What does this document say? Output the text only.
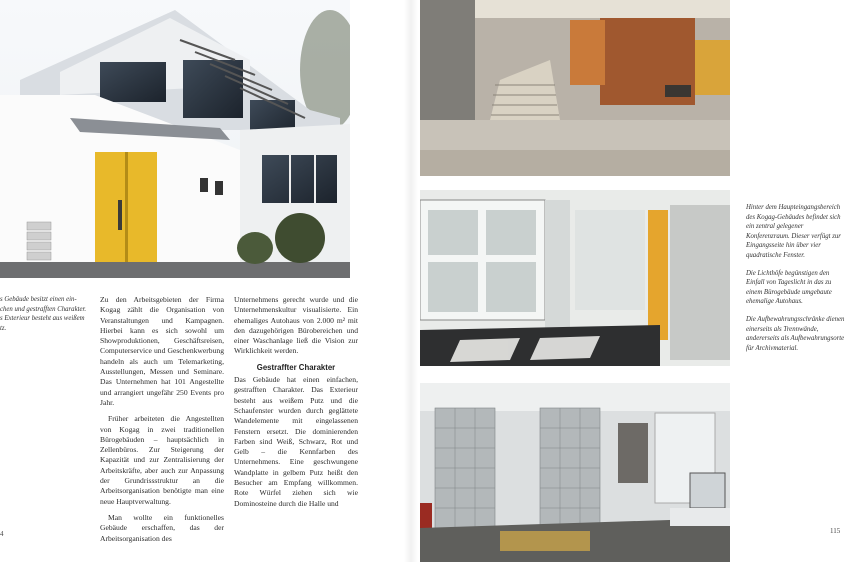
s Gebäude besitzt einen ein- chen und gestrafften Charakter. s Exterieur besteht aus weißem tz.

Zu den Arbeitsgebieten der Firma Kogag zählt die Organisation von Veranstaltungen und Kampagnen. Hierbei kann es sich sowohl um Showproduktionen, Geschäftsreisen, Computerservice und Geschenkwerbung handeln als auch um Telemarketing, Ausstellungen, Messen und Seminare. Das Unternehmen hat 101 Angestellte und arrangiert ungefähr 250 Events pro Jahr.

Früher arbeiteten die Angestellten von Kogag in zwei traditionellen Bürogebäuden – hauptsächlich in Zellenbüros. Zur Steigerung der Kapazität und zur Zentralisierung der Arbeitskräfte, aber auch zur Anpassung der Grundrissstruktur an die Arbeitsorganisation benötigte man eine neue Hauptverwaltung.

Man wollte ein funktionelles Gebäude erschaffen, das der Arbeitsorganisation des

Unternehmens gerecht wurde und die Unternehmenskultur visualisierte. Ein ehemaliges Autohaus von 2.000 m² mit den dazugehörigen Bürobereichen und einer Waschanlage ließ die Vision zur Wirklichkeit werden.

Gestraffter Charakter

Das Gebäude hat einen einfachen, gestrafften Charakter. Das Exterieur besteht aus weißem Putz und die Schaufenster wurden durch geglättete Wandelemente mit eingelassenen Fenstern ersetzt. Die dominierenden Farben sind Weiß, Schwarz, Rot und Gelb – die Kennfarben des Unternehmens. Eine geschwungene Wandplatte in gelbem Putz heißt den Besucher am Empfang willkommen. Rote Würfel ziehen sich wie Dominosteine durch die Halle und

4

Hinter dem Haupteingangsbereich des Kogag-Gebäudes befindet sich ein zentral gelegener Konferenzraum. Dieser verfügt zur Eingangsseite hin über vier quadratische Fenster.

Die Lichthöfe begünstigen den Einfall von Tageslicht in das zu einem Bürogebäude umgebaute ehemalige Autohaus.

Die Aufbewahrungsschränke dienen einerseits als Trennwände, andererseits als Aufbewahrungsorte für Archivmaterial.

115
